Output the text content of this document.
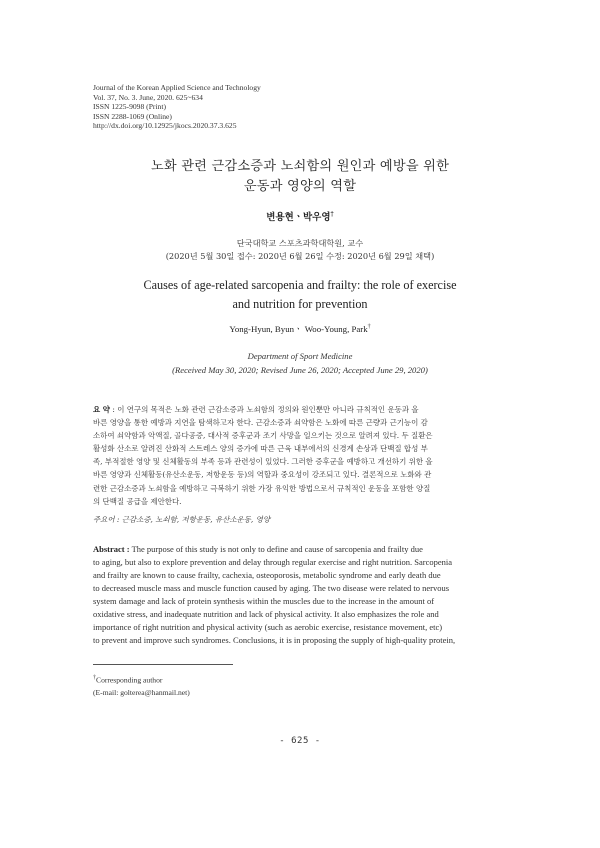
Journal of the Korean Applied Science and Technology
Vol. 37, No. 3. June, 2020. 625~634
ISSN 1225-9098 (Print)
ISSN 2288-1069 (Online)
http://dx.doi.org/10.12925/jkocs.2020.37.3.625
노화 관련 근감소증과 노쇠함의 원인과 예방을 위한
운동과 영양의 역할
변용현ㆍ박우영†
단국대학교 스포츠과학대학원, 교수
(2020년 5월 30일 접수: 2020년 6월 26일 수정: 2020년 6월 29일 채택)
Causes of age-related sarcopenia and frailty: the role of exercise
and nutrition for prevention
Yong-Hyun, Byunㆍ Woo-Young, Park†
Department of Sport Medicine
(Received May 30, 2020; Revised June 26, 2020; Accepted June 29, 2020)
요 약 : 이 연구의 목적은 노화 관련 근감소증과 노쇠함의 정의와 원인뿐만 아니라 규칙적인 운동과 올
바른 영양을 통한 예방과 지연을 탐색하고자 한다. 근감소증과 쇠약함은 노화에 따른 근량과 근기능이 감
소하여 쇠약함과 악액질, 골다공증, 대사적 증후군과 조기 사망을 일으키는 것으로 알려져 있다. 두 질환은
활성화 산소로 알려진 산화적 스트레스 양의 증가에 따른 근육 내부에서의 신경계 손상과 단백질 합성 부
족, 부적절한 영양 및 신체활동의 부족 등과 관련성이 있었다. 그러한 증후군을 예방하고 개선하기 위한 올
바른 영양과 신체활동(유산소운동, 저항운동 등)의 역할과 중요성이 강조되고 있다. 결론적으로 노화와 관
련한 근감소증과 노쇠함을 예방하고 극복하기 위한 가장 유익한 방법으로서 규칙적인 운동을 포함한 양질
의 단백질 공급을 제안한다.
주요어 : 근감소증, 노쇠함, 저항운동, 유산소운동, 영양
Abstract : The purpose of this study is not only to define and cause of sarcopenia and frailty due
to aging, but also to explore prevention and delay through regular exercise and right nutrition. Sarcopenia
and frailty are known to cause frailty, cachexia, osteoporosis, metabolic syndrome and early death due
to decreased muscle mass and muscle function caused by aging. The two disease were related to nervous
system damage and lack of protein synthesis within the muscles due to the increase in the amount of
oxidative stress, and inadequate nutrition and lack of physical activity. It also emphasizes the role and
importance of right nutrition and physical activity (such as aerobic exercise, resistance movement, etc)
to prevent and improve such syndromes. Conclusions, it is in proposing the supply of high-quality protein,
†Corresponding author
(E-mail: golterea@hanmail.net)
- 625 -
